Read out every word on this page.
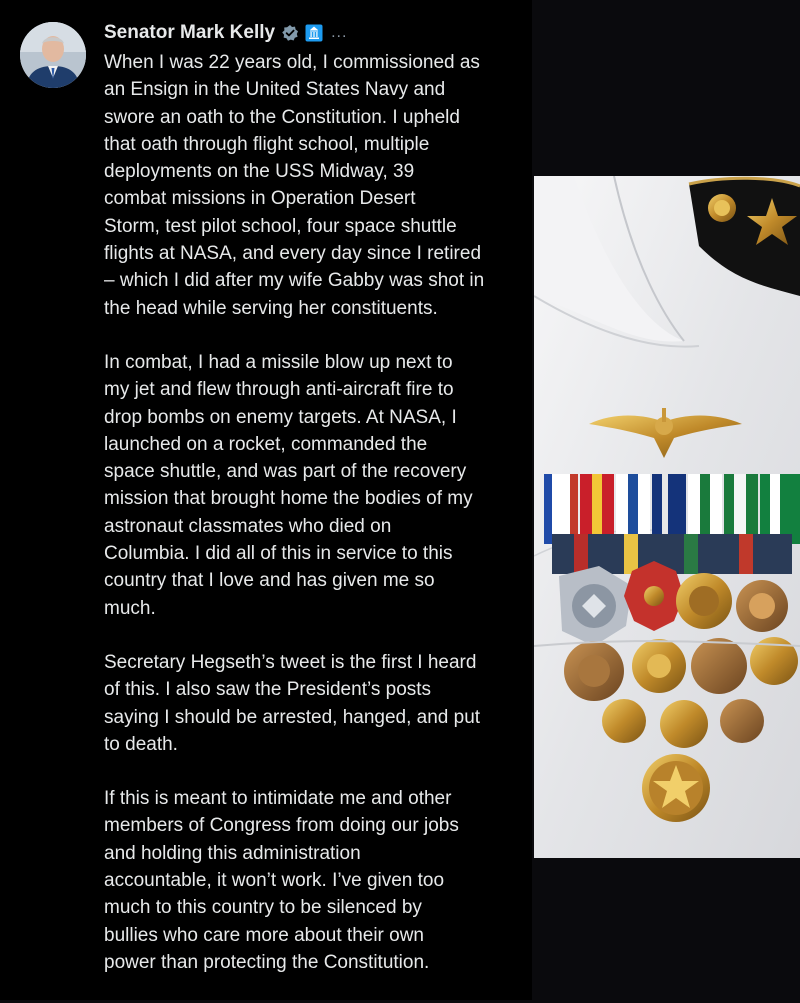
Senator Mark Kelly	...

When I was 22 years old, I commissioned as
an Ensign in the United States Navy and
swore an oath to the Constitution. I upheld
that oath through flight school, multiple
deployments on the USS Midway, 39
combat missions in Operation Desert
Storm, test pilot school, four space shuttle
flights at NASA, and every day since I retired
– which I did after my wife Gabby was shot in
the head while serving her constituents.

In combat, I had a missile blow up next to
my jet and flew through anti-aircraft fire to
drop bombs on enemy targets. At NASA, I
launched on a rocket, commanded the
space shuttle, and was part of the recovery
mission that brought home the bodies of my
astronaut classmates who died on
Columbia. I did all of this in service to this
country that I love and has given me so
much.

Secretary Hegseth’s tweet is the first I heard
of this. I also saw the President’s posts
saying I should be arrested, hanged, and put
to death.

If this is meant to intimidate me and other
members of Congress from doing our jobs
and holding this administration
accountable, it won’t work. I’ve given too
much to this country to be silenced by
bullies who care more about their own
power than protecting the Constitution.
